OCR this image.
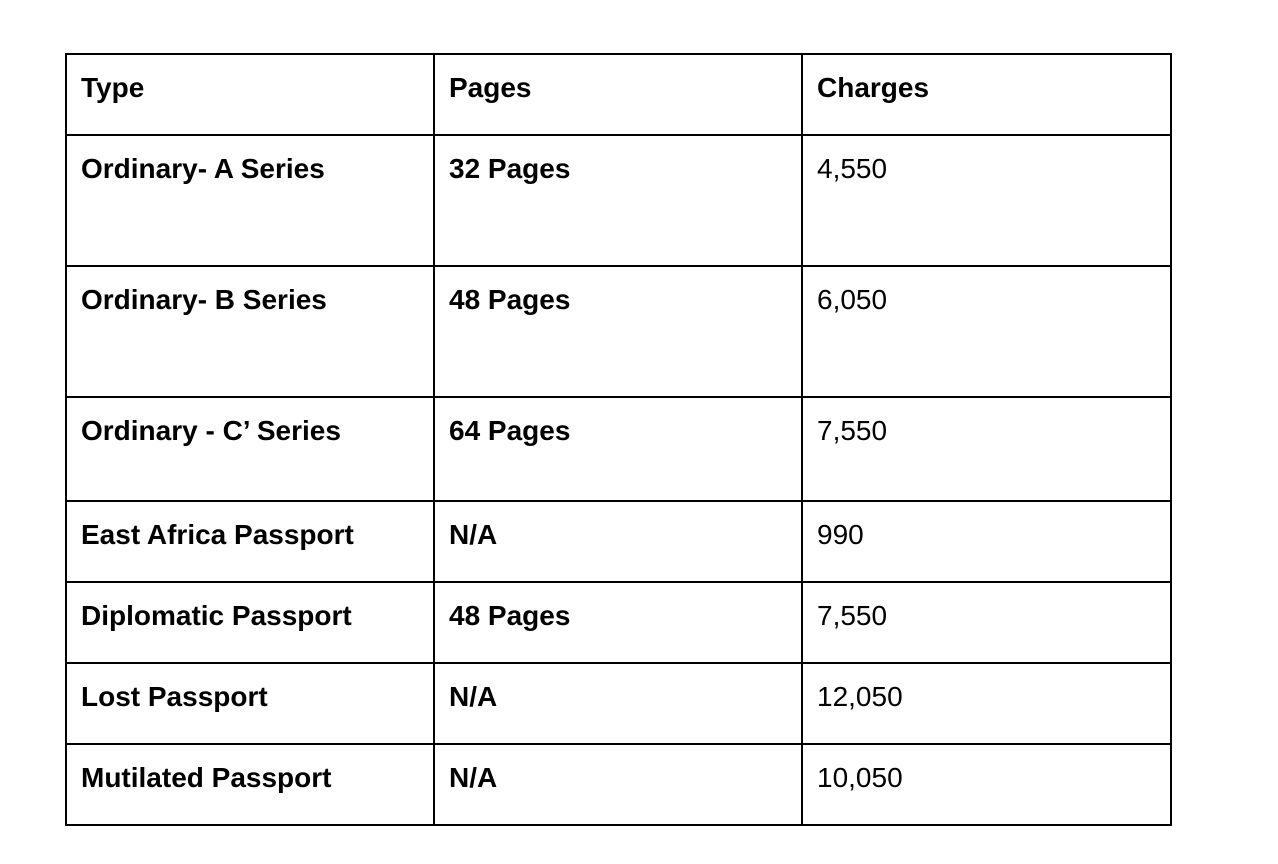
Type	Pages	Charges
Ordinary- A Series	32 Pages	4,550
Ordinary- B Series	48 Pages	6,050
Ordinary - C’ Series	64 Pages	7,550
East Africa Passport	N/A	990
Diplomatic Passport	48 Pages	7,550
Lost Passport	N/A	12,050
Mutilated Passport	N/A	10,050
